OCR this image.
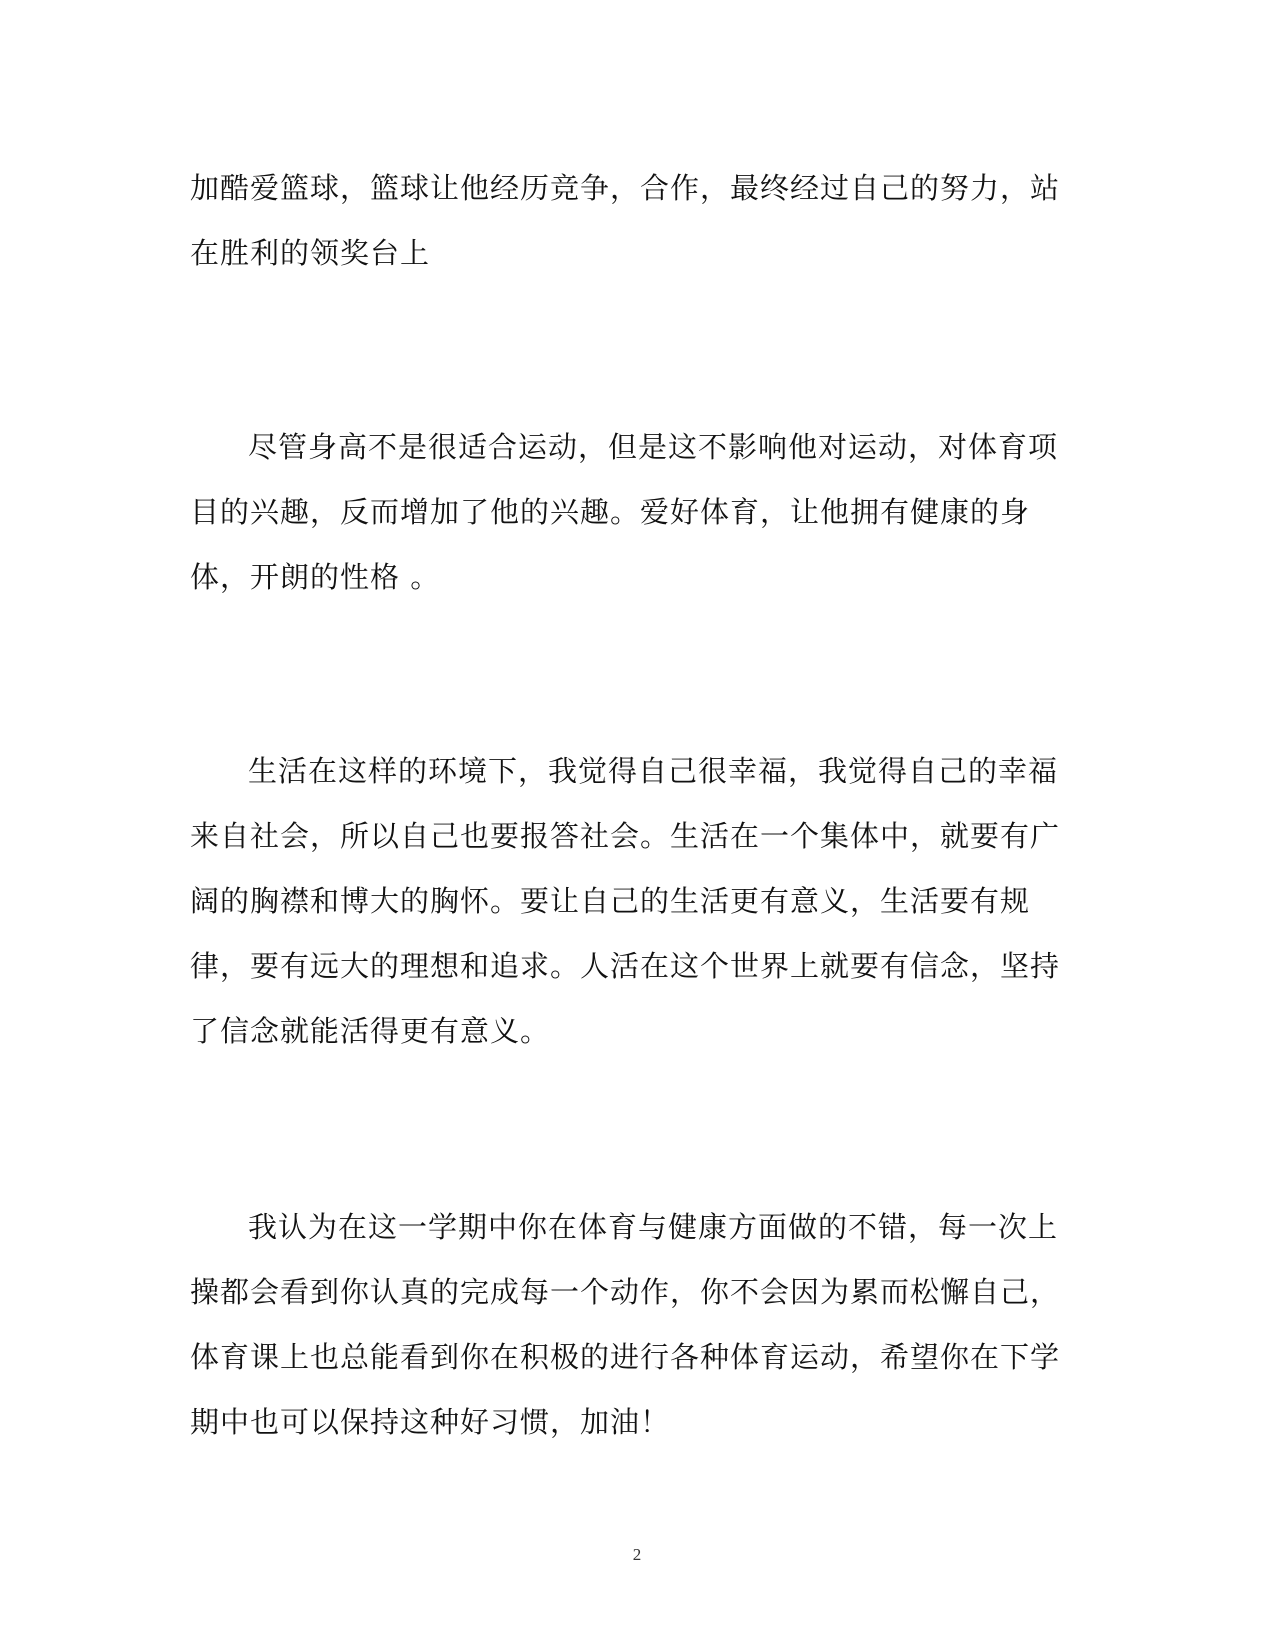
加酷爱篮球，篮球让他经历竞争，合作，最终经过自己的努力，站在胜利的领奖台上

尽管身高不是很适合运动，但是这不影响他对运动，对体育项目的兴趣，反而增加了他的兴趣。爱好体育，让他拥有健康的身体，开朗的性格 。

生活在这样的环境下，我觉得自己很幸福，我觉得自己的幸福来自社会，所以自己也要报答社会。生活在一个集体中，就要有广阔的胸襟和博大的胸怀。要让自己的生活更有意义，生活要有规律，要有远大的理想和追求。人活在这个世界上就要有信念，坚持了信念就能活得更有意义。

我认为在这一学期中你在体育与健康方面做的不错，每一次上操都会看到你认真的完成每一个动作，你不会因为累而松懈自己，体育课上也总能看到你在积极的进行各种体育运动，希望你在下学期中也可以保持这种好习惯，加油！

2
